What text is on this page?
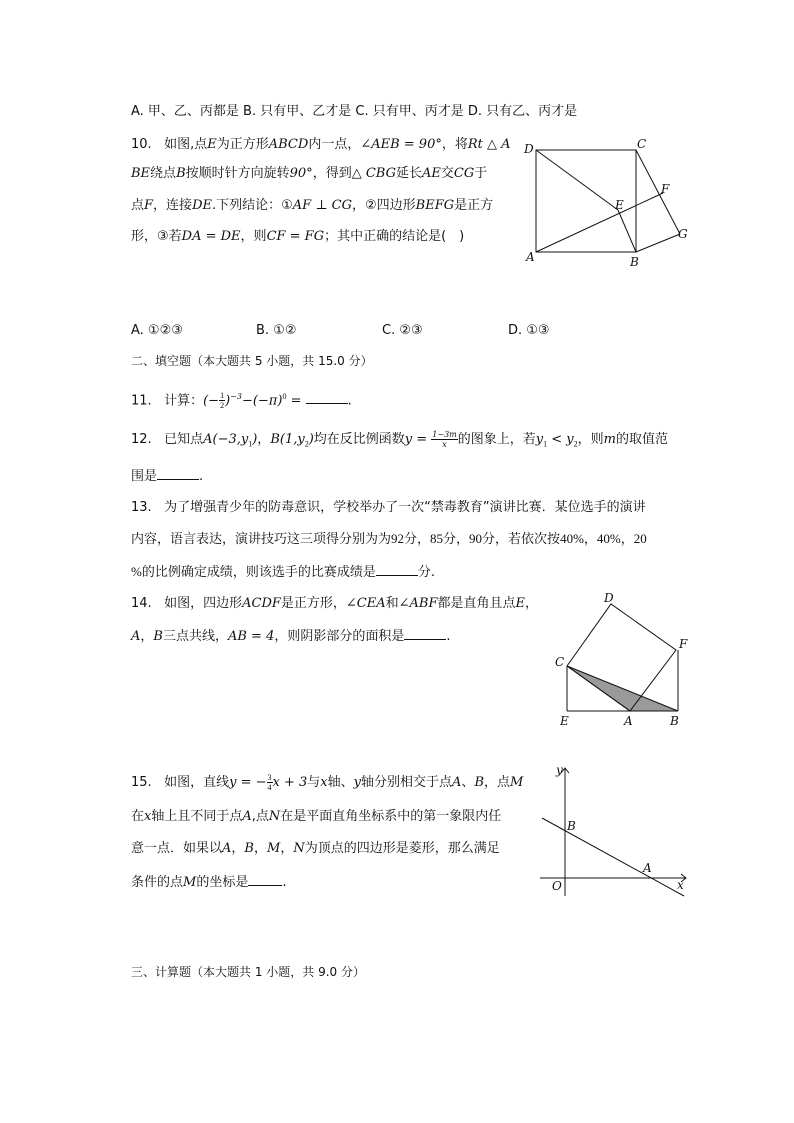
A. 甲、乙、丙都是 B. 只有甲、乙才是 C. 只有甲、丙才是 D. 只有乙、丙才是
10. 如图,点E为正方形ABCD内一点，∠AEB = 90°，将Rt △ A
BE绕点B按顺时针方向旋转90°，得到△ CBG延长AE交CG于
点F，连接DE.下列结论：①AF ⊥ CG，②四边形BEFG是正方
形，③若DA = DE，则CF = FG；其中正确的结论是( )
D	C
F
E
G
A	B
A. ①②③	B. ①②	C. ②③	D. ①③
二、填空题（本大题共 5 小题，共 15.0 分）
11. 计算：(− $\frac{1}{2} )^{-3}-(-\pi)^0$ =	.
12. 已知点$A(-3,y_1)$，$B(1,y_2)$均在反比例函数$y = \frac{1-3m}{x}$ 的图象上，若$y_1 < y_2$，则m的取值范
围是	.
13. 为了增强青少年的防毒意识，学校举办了一次“禁毒教育”演讲比赛．某位选手的演讲
内容，语言表达，演讲技巧这三项得分别为为92分，85分，90分，若依次按40%，40%，20
%的比例确定成绩，则该选手的比赛成绩是	分.
14. 如图，四边形ACDF是正方形，∠CEA和∠ABF都是直角且点E，
A，B三点共线，AB = 4，则阴影部分的面积是	.
D
F
C
E	A	B
15. 如图，直线y = − $\frac{3}{4}$ x + 3与x轴、y轴分别相交于点A、B，点M
在x轴上且不同于点A,点N在是平面直角坐标系中的第一象限内任
意一点．如果以A，B，M，N为顶点的四边形是菱形，那么满足
条件的点M的坐标是	.
y
B
A
O	x
三、计算题（本大题共 1 小题，共 9.0 分）
